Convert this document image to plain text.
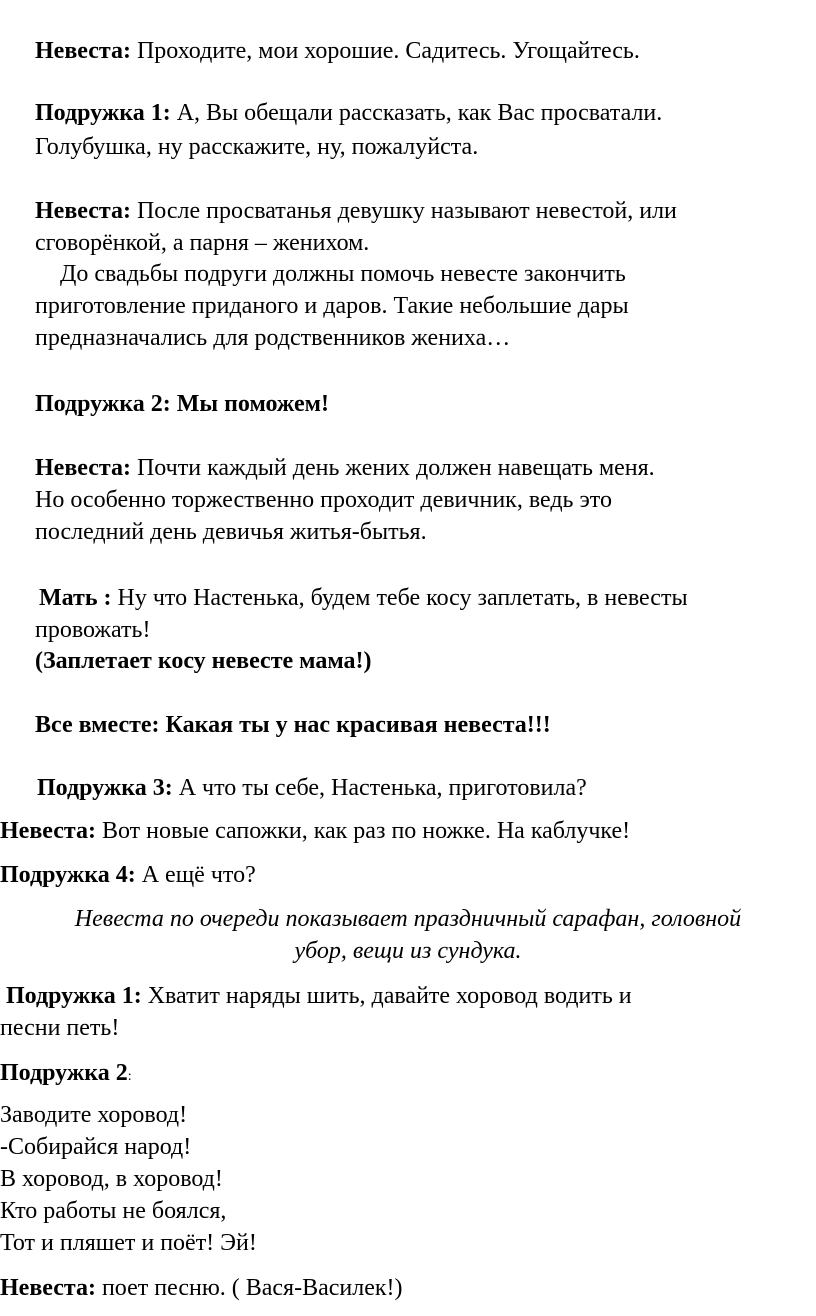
Невеста: Проходите, мои хорошие. Садитесь. Угощайтесь.
Подружка 1: А, Вы обещали рассказать, как Вас просватали.
Голубушка, ну расскажите, ну, пожалуйста.
Невеста: После просватанья девушку называют невестой, или
сговорёнкой, а парня – женихом.
До свадьбы подруги должны помочь невесте закончить
приготовление приданого и даров. Такие небольшие дары
предназначались для родственников жениха…
Подружка 2: Мы поможем!
Невеста: Почти каждый день жених должен навещать меня.
Но особенно торжественно проходит девичник, ведь это
последний день девичья житья-бытья.
Мать : Ну что Настенька, будем тебе косу заплетать, в невесты
провожать!
(Заплетает косу невесте мама!)
Все вместе: Какая ты у нас красивая невеста!!!
Подружка 3: А что ты себе, Настенька, приготовила?
Невеста: Вот новые сапожки, как раз по ножке. На каблучке!
Подружка 4: А ещё что?
Невеста по очереди показывает праздничный сарафан, головной
убор, вещи из сундука.
Подружка 1: Хватит наряды шить, давайте хоровод водить и
песни петь!
Подружка 2:
Заводите хоровод!
-Собирайся народ!
В хоровод, в хоровод!
Кто работы не боялся,
Тот и пляшет и поёт! Эй!
Невеста: поет песню. ( Вася-Василек!)
